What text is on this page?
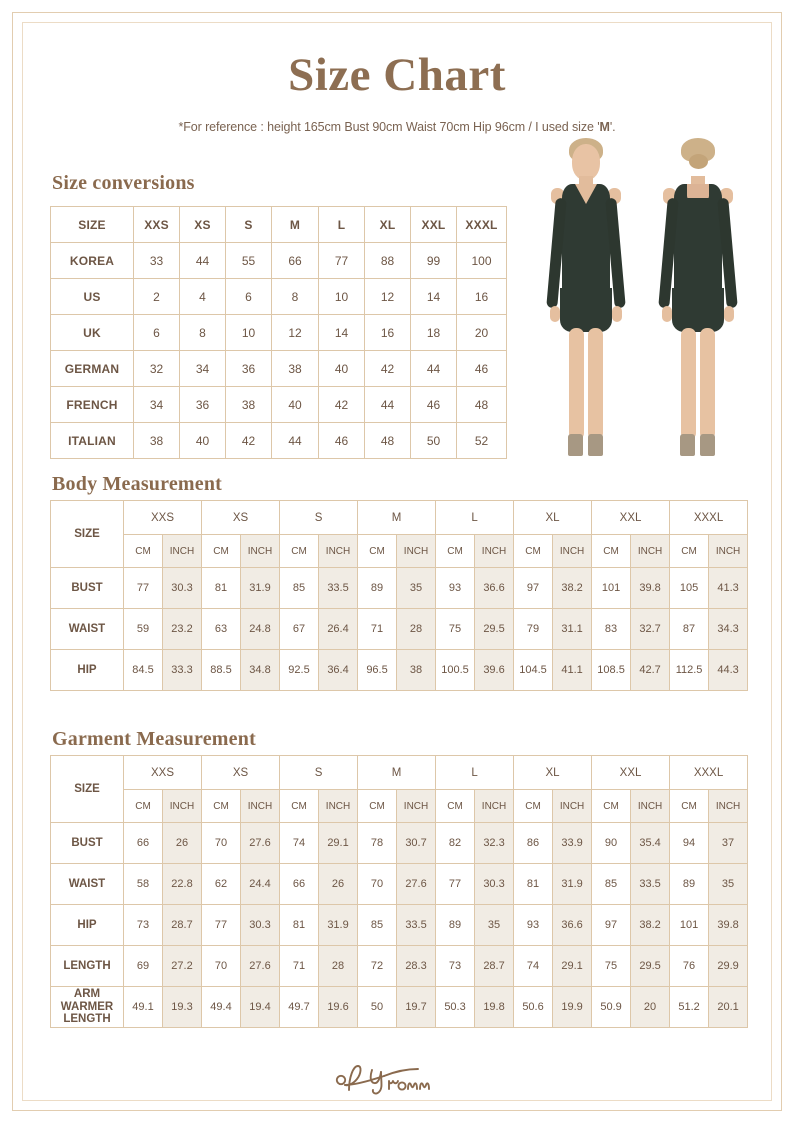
Size Chart
*For reference : height 165cm Bust 90cm Waist 70cm Hip 96cm / I used size 'M'.
Size conversions
SIZE	XXS	XS	S	M	L	XL	XXL	XXXL
KOREA	33	44	55	66	77	88	99	100
US	2	4	6	8	10	12	14	16
UK	6	8	10	12	14	16	18	20
GERMAN	32	34	36	38	40	42	44	46
FRENCH	34	36	38	40	42	44	46	48
ITALIAN	38	40	42	44	46	48	50	52
Body Measurement
SIZE	XXS		XS		S		M		L		XL		XXL		XXXL	
	CM	INCH	CM	INCH	CM	INCH	CM	INCH	CM	INCH	CM	INCH	CM	INCH	CM	INCH
BUST	77	30.3	81	31.9	85	33.5	89	35	93	36.6	97	38.2	101	39.8	105	41.3
WAIST	59	23.2	63	24.8	67	26.4	71	28	75	29.5	79	31.1	83	32.7	87	34.3
HIP	84.5	33.3	88.5	34.8	92.5	36.4	96.5	38	100.5	39.6	104.5	41.1	108.5	42.7	112.5	44.3
Garment Measurement
SIZE	XXS		XS		S		M		L		XL		XXL		XXXL	
	CM	INCH	CM	INCH	CM	INCH	CM	INCH	CM	INCH	CM	INCH	CM	INCH	CM	INCH
BUST	66	26	70	27.6	74	29.1	78	30.7	82	32.3	86	33.9	90	35.4	94	37
WAIST	58	22.8	62	24.4	66	26	70	27.6	77	30.3	81	31.9	85	33.5	89	35
HIP	73	28.7	77	30.3	81	31.9	85	33.5	89	35	93	36.6	97	38.2	101	39.8
LENGTH	69	27.2	70	27.6	71	28	72	28.3	73	28.7	74	29.1	75	29.5	76	29.9

ARM
WARMER
LENGTH	49.1	19.3	49.4	19.4	49.7	19.6	50	19.7	50.3	19.8	50.6	19.9	50.9	20	51.2	20.1
